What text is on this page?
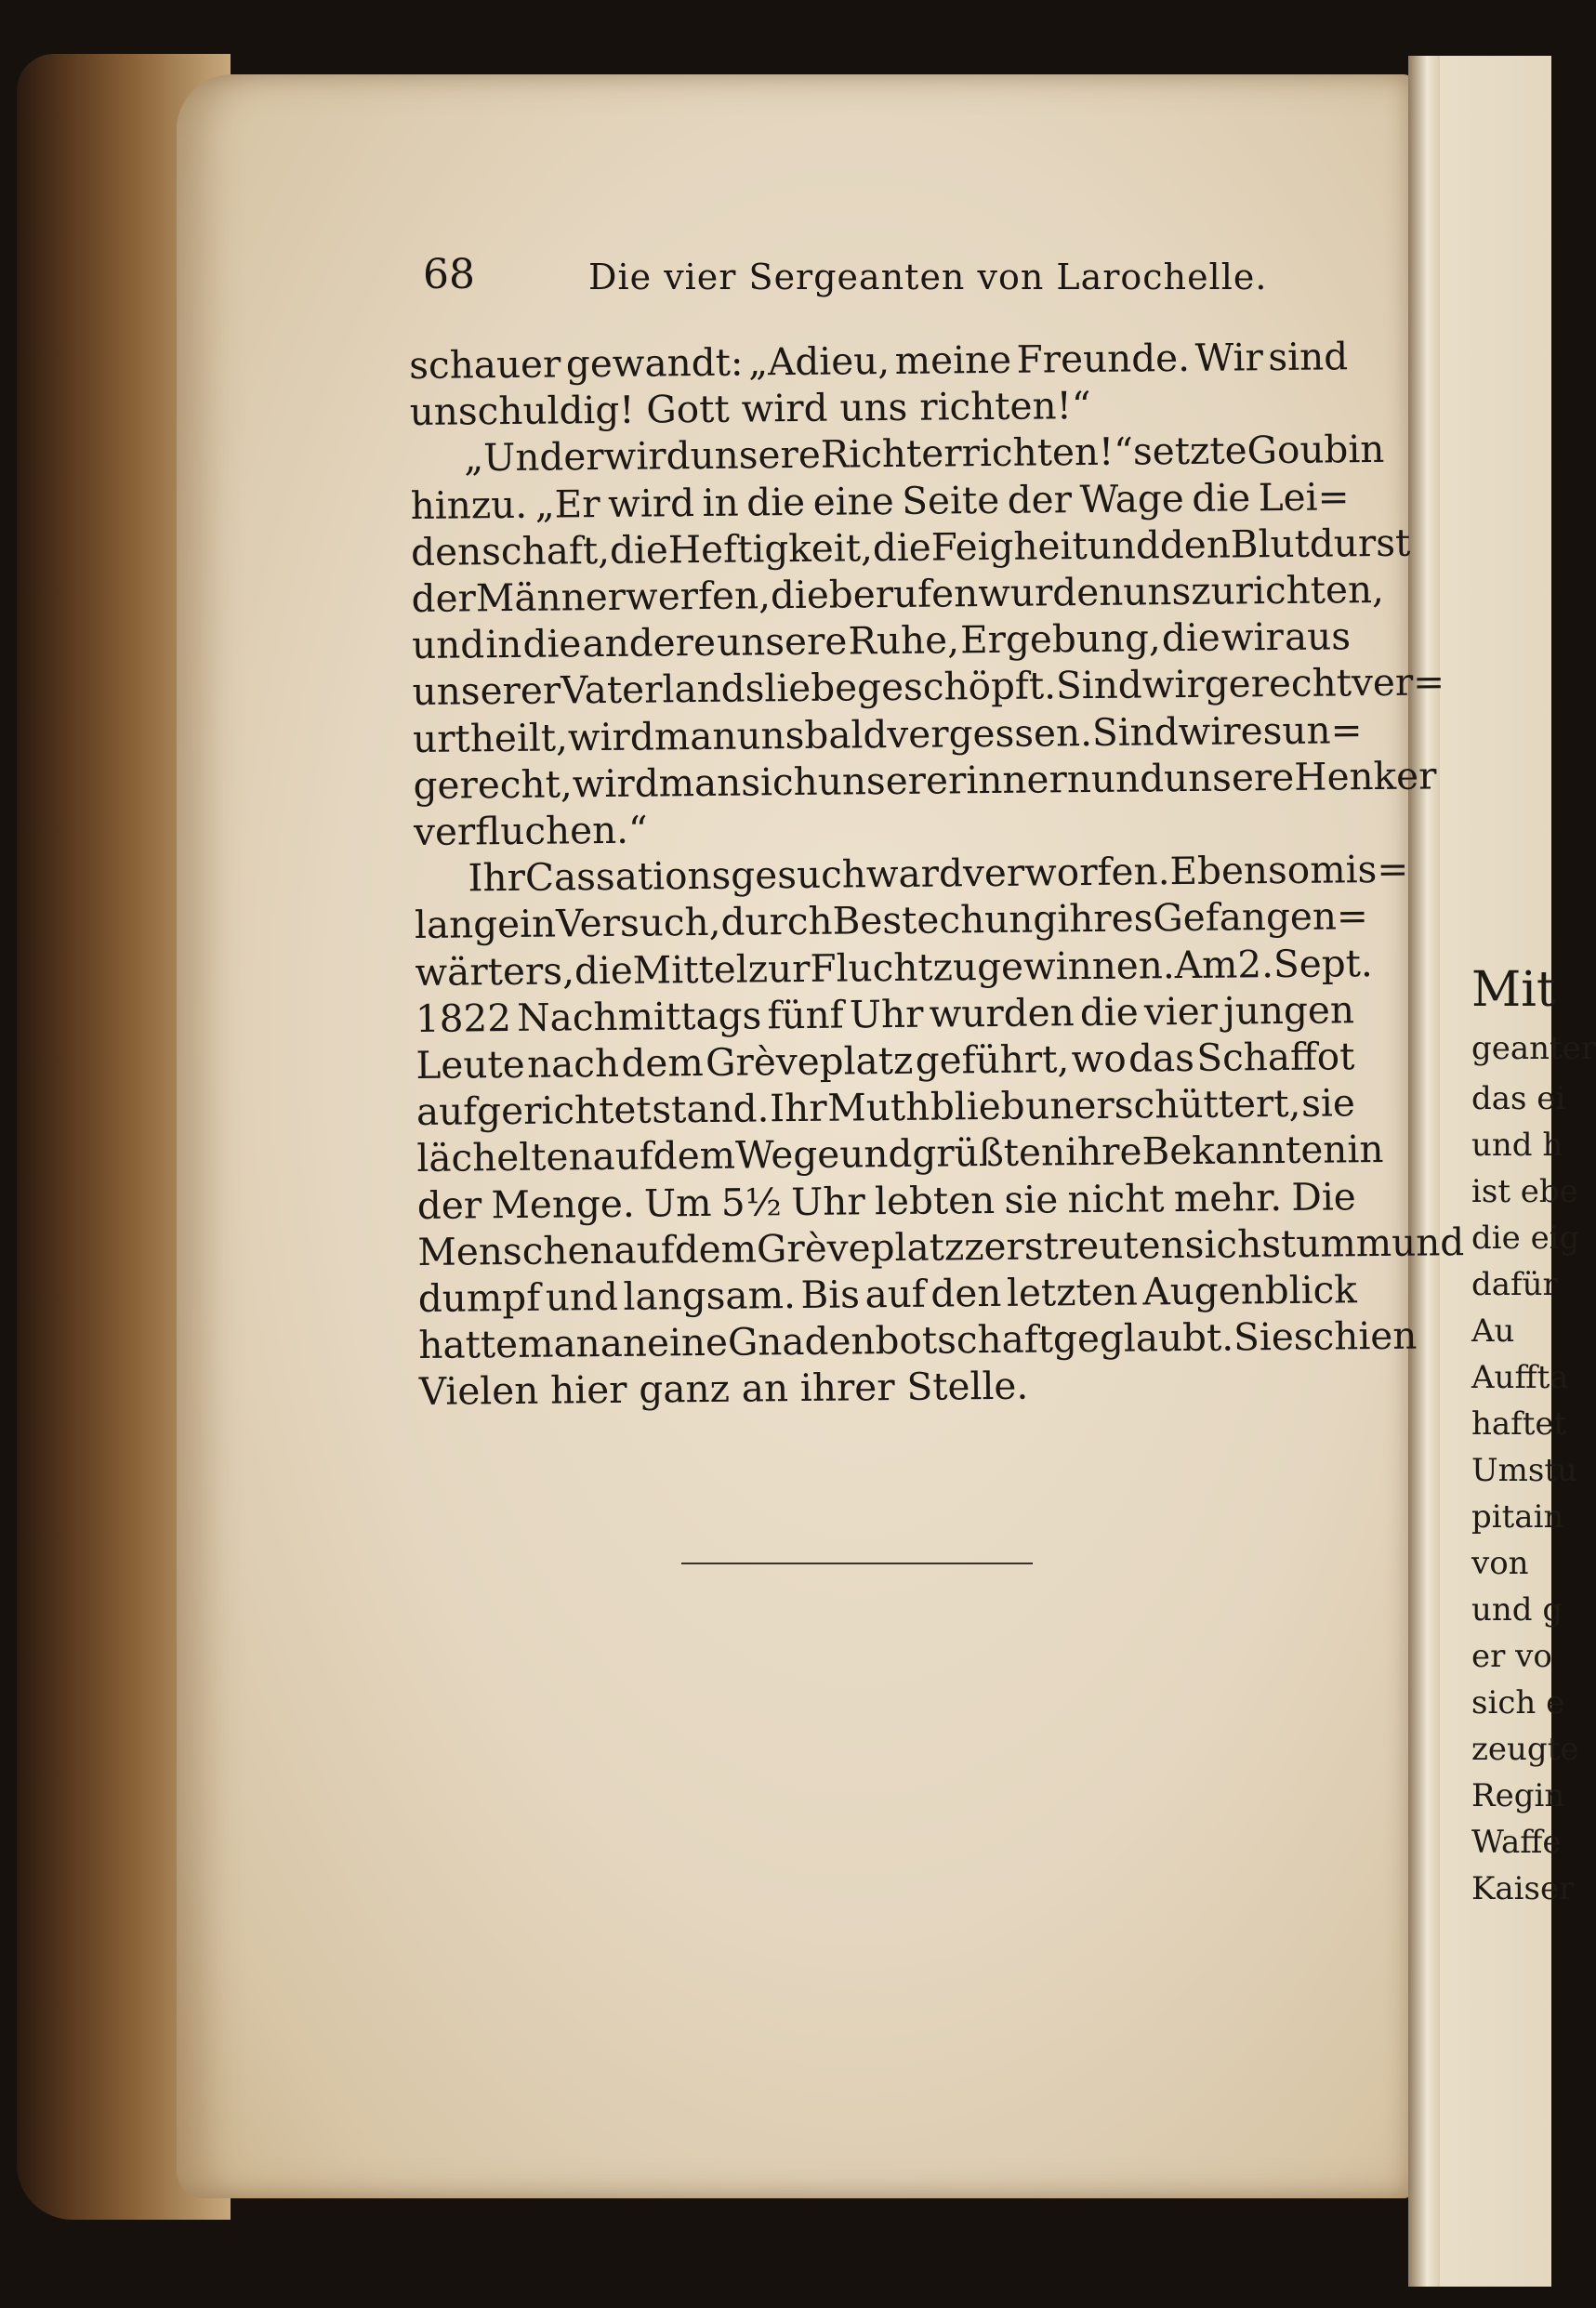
68	Die vier Sergeanten von Larochelle.
schauer gewandt: „Adieu, meine Freunde. Wir sind
unschuldig!
Gott
wird
uns
richten!“
„Und er wird unsere Richter richten!“ setzte Goubin
hinzu. „Er wird in die eine Seite der Wage die Lei=
denschaft, die Heftigkeit, die Feigheit und den Blutdurst
der Männer werfen, die berufen wurden uns zu richten,
und in die andere unsere Ruhe, Ergebung, die wir aus
unserer Vaterlandsliebe geschöpft. Sind wir gerecht ver=
urtheilt, wird man uns bald vergessen. Sind wir es un=
gerecht, wird man sich unser erinnern und unsere Henker
verfluchen.“
Ihr Cassationsgesuch ward verworfen. Ebenso mis=
lang ein Versuch, durch Bestechung ihres Gefangen=
wärters, die Mittel zur Flucht zu gewinnen. Am 2. Sept.
1822 Nachmittags fünf Uhr wurden die vier jungen
Leute nach dem Grèveplatz geführt, wo das Schaffot
aufgerichtet stand. Ihr Muth blieb unerschüttert, sie
lächelten auf dem Wege und grüßten ihre Bekannten in
der Menge. Um 5½ Uhr lebten sie nicht mehr. Die
Menschen auf dem Grèveplatz zerstreuten sich stumm und
dumpf und langsam. Bis auf den letzten Augenblick
hatte man an eine Gnadenbotschaft geglaubt. Sie schien
Vielen
hier
ganz
an
ihrer
Stelle.
Mit
geanter
das ei
und h
ist ebe
die eig
dafür
Au
Auffta
haftet
Umstu
pitain
von
und g
er vo
sich e
zeugte
Regin
Waffe
Kaiser
